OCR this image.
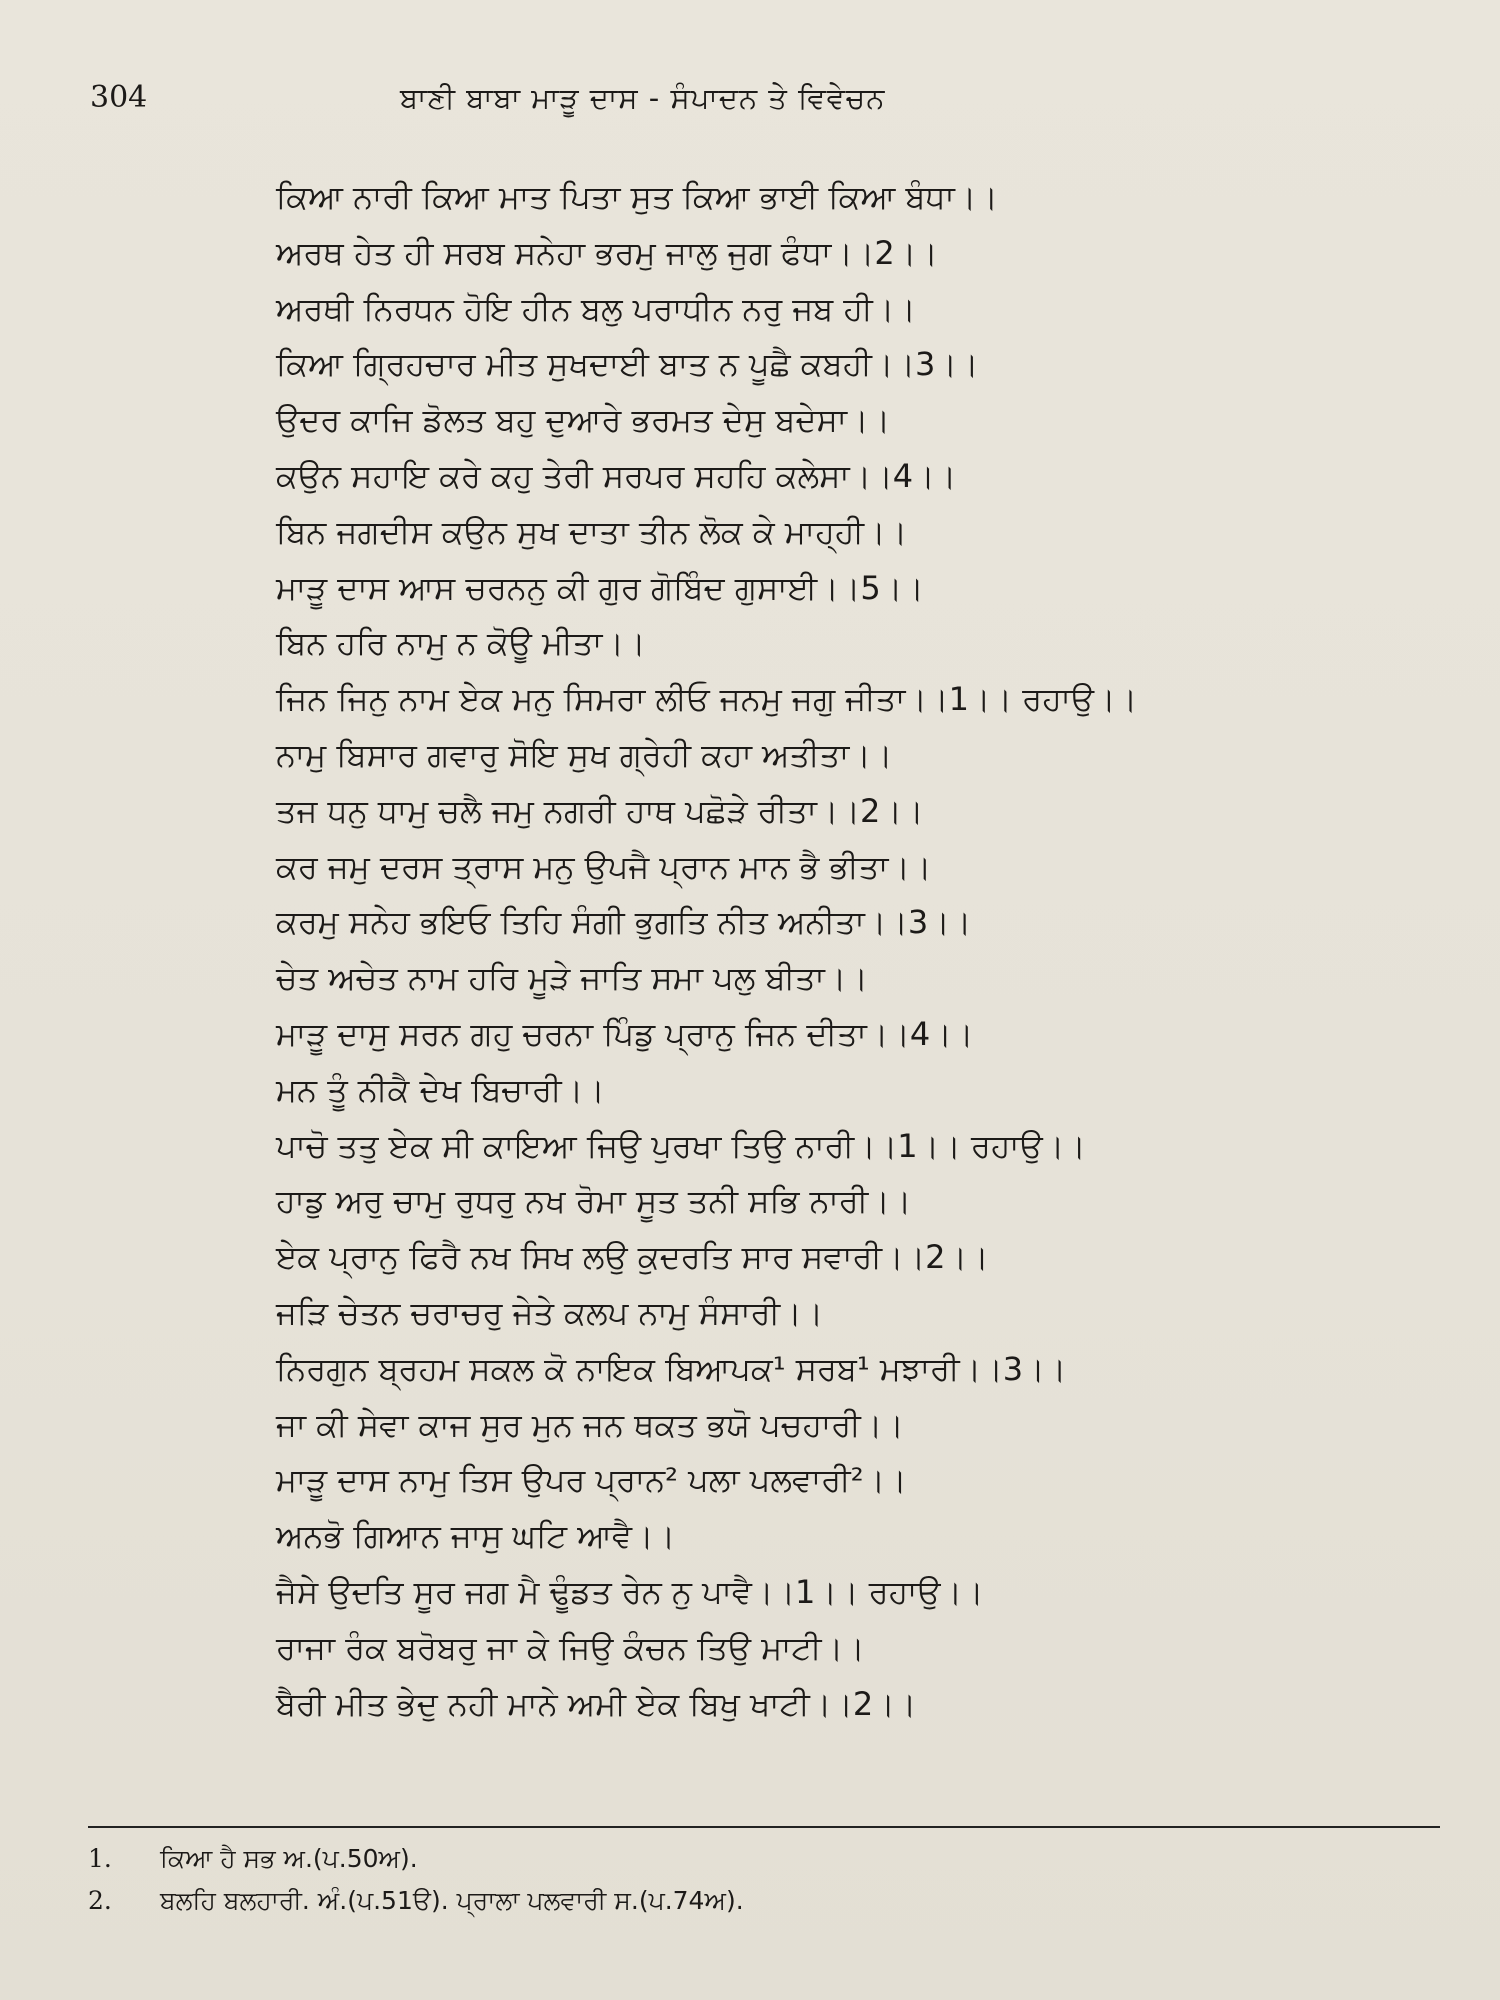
304	ਬਾਣੀ ਬਾਬਾ ਮਾੜੂ ਦਾਸ - ਸੰਪਾਦਨ ਤੇ ਵਿਵੇਚਨ
ਕਿਆ ਨਾਰੀ ਕਿਆ ਮਾਤ ਪਿਤਾ ਸੁਤ ਕਿਆ ਭਾਈ ਕਿਆ ਬੰਧਾ।।
ਅਰਥ ਹੇਤ ਹੀ ਸਰਬ ਸਨੇਹਾ ਭਰਮੁ ਜਾਲੁ ਜੁਗ ਫੰਧਾ।।2।।
ਅਰਥੀ ਨਿਰਧਨ ਹੋਇ ਹੀਨ ਬਲੁ ਪਰਾਧੀਨ ਨਰੁ ਜਬ ਹੀ।।
ਕਿਆ ਗ੍ਰਿਹਚਾਰ ਮੀਤ ਸੁਖਦਾਈ ਬਾਤ ਨ ਪੂਛੈ ਕਬਹੀ।।3।।
ਉਦਰ ਕਾਜਿ ਡੋਲਤ ਬਹੁ ਦੁਆਰੇ ਭਰਮਤ ਦੇਸੁ ਬਦੇਸਾ।।
ਕਉਨ ਸਹਾਇ ਕਰੇ ਕਹੁ ਤੇਰੀ ਸਰਪਰ ਸਹਹਿ ਕਲੇਸਾ।।4।।
ਬਿਨ ਜਗਦੀਸ ਕਉਨ ਸੁਖ ਦਾਤਾ ਤੀਨ ਲੋਕ ਕੇ ਮਾਹ੍ਹੀ।।
ਮਾੜੂ ਦਾਸ ਆਸ ਚਰਨਨੁ ਕੀ ਗੁਰ ਗੋਬਿੰਦ ਗੁਸਾਈ।।5।।
ਬਿਨ ਹਰਿ ਨਾਮੁ ਨ ਕੋਊ ਮੀਤਾ।।
ਜਿਨ ਜਿਨੁ ਨਾਮ ਏਕ ਮਨੁ ਸਿਮਰਾ ਲੀਓ ਜਨਮੁ ਜਗੁ ਜੀਤਾ।।1।। ਰਹਾਉ।।
ਨਾਮੁ ਬਿਸਾਰ ਗਵਾਰੁ ਸੋਇ ਸੁਖ ਗ੍ਰੇਹੀ ਕਹਾ ਅਤੀਤਾ।।
ਤਜ ਧਨੁ ਧਾਮੁ ਚਲੈ ਜਮੁ ਨਗਰੀ ਹਾਥ ਪਛੋੜੇ ਰੀਤਾ।।2।।
ਕਰ ਜਮੁ ਦਰਸ ਤ੍ਰਾਸ ਮਨੁ ਉਪਜੈ ਪ੍ਰਾਨ ਮਾਨ ਭੈ ਭੀਤਾ।।
ਕਰਮੁ ਸਨੇਹ ਭਇਓ ਤਿਹਿ ਸੰਗੀ ਭੁਗਤਿ ਨੀਤ ਅਨੀਤਾ।।3।।
ਚੇਤ ਅਚੇਤ ਨਾਮ ਹਰਿ ਮੂੜੇ ਜਾਤਿ ਸਮਾ ਪਲੁ ਬੀਤਾ।।
ਮਾੜੂ ਦਾਸੁ ਸਰਨ ਗਹੁ ਚਰਨਾ ਪਿੰਡੁ ਪ੍ਰਾਨੁ ਜਿਨ ਦੀਤਾ।।4।।
ਮਨ ਤੂੰ ਨੀਕੈ ਦੇਖ ਬਿਚਾਰੀ।।
ਪਾਚੋ ਤਤੁ ਏਕ ਸੀ ਕਾਇਆ ਜਿਉ ਪੁਰਖਾ ਤਿਉ ਨਾਰੀ।।1।। ਰਹਾਉ।।
ਹਾਡੁ ਅਰੁ ਚਾਮੁ ਰੁਧਰੁ ਨਖ ਰੋਮਾ ਸੂਤ ਤਨੀ ਸਭਿ ਨਾਰੀ।।
ਏਕ ਪ੍ਰਾਨੁ ਫਿਰੈ ਨਖ ਸਿਖ ਲਉ ਕੁਦਰਤਿ ਸਾਰ ਸਵਾਰੀ।।2।।
ਜੜਿ ਚੇਤਨ ਚਰਾਚਰੁ ਜੇਤੇ ਕਲਪ ਨਾਮੁ ਸੰਸਾਰੀ।।
ਨਿਰਗੁਨ ਬ੍ਰਹਮ ਸਕਲ ਕੋ ਨਾਇਕ ਬਿਆਪਕ¹ ਸਰਬ¹ ਮਝਾਰੀ।।3।।
ਜਾ ਕੀ ਸੇਵਾ ਕਾਜ ਸੁਰ ਮੁਨ ਜਨ ਥਕਤ ਭਯੋ ਪਚਹਾਰੀ।।
ਮਾੜੂ ਦਾਸ ਨਾਮੁ ਤਿਸ ਉਪਰ ਪ੍ਰਾਨ² ਪਲਾ ਪਲਵਾਰੀ²।।
ਅਨਭੋ ਗਿਆਨ ਜਾਸੁ ਘਟਿ ਆਵੈ।।
ਜੈਸੇ ਉਦਤਿ ਸੂਰ ਜਗ ਮੈ ਢੂੰਡਤ ਰੇਨ ਨੁ ਪਾਵੈ।।1।। ਰਹਾਉ।।
ਰਾਜਾ ਰੰਕ ਬਰੋਬਰੁ ਜਾ ਕੇ ਜਿਉ ਕੰਚਨ ਤਿਉ ਮਾਟੀ।।
ਬੈਰੀ ਮੀਤ ਭੇਦੁ ਨਹੀ ਮਾਨੇ ਅਮੀ ਏਕ ਬਿਖੁ ਖਾਟੀ।।2।।
1. ਕਿਆ ਹੈ ਸਭ ਅ.(ਪ.50ਅ).
2. ਬਲਹਿ ਬਲਹਾਰੀ. ਅੰ.(ਪ.51ੳ). ਪ੍ਰਾਲਾ ਪਲਵਾਰੀ ਸ.(ਪ.74ਅ).
